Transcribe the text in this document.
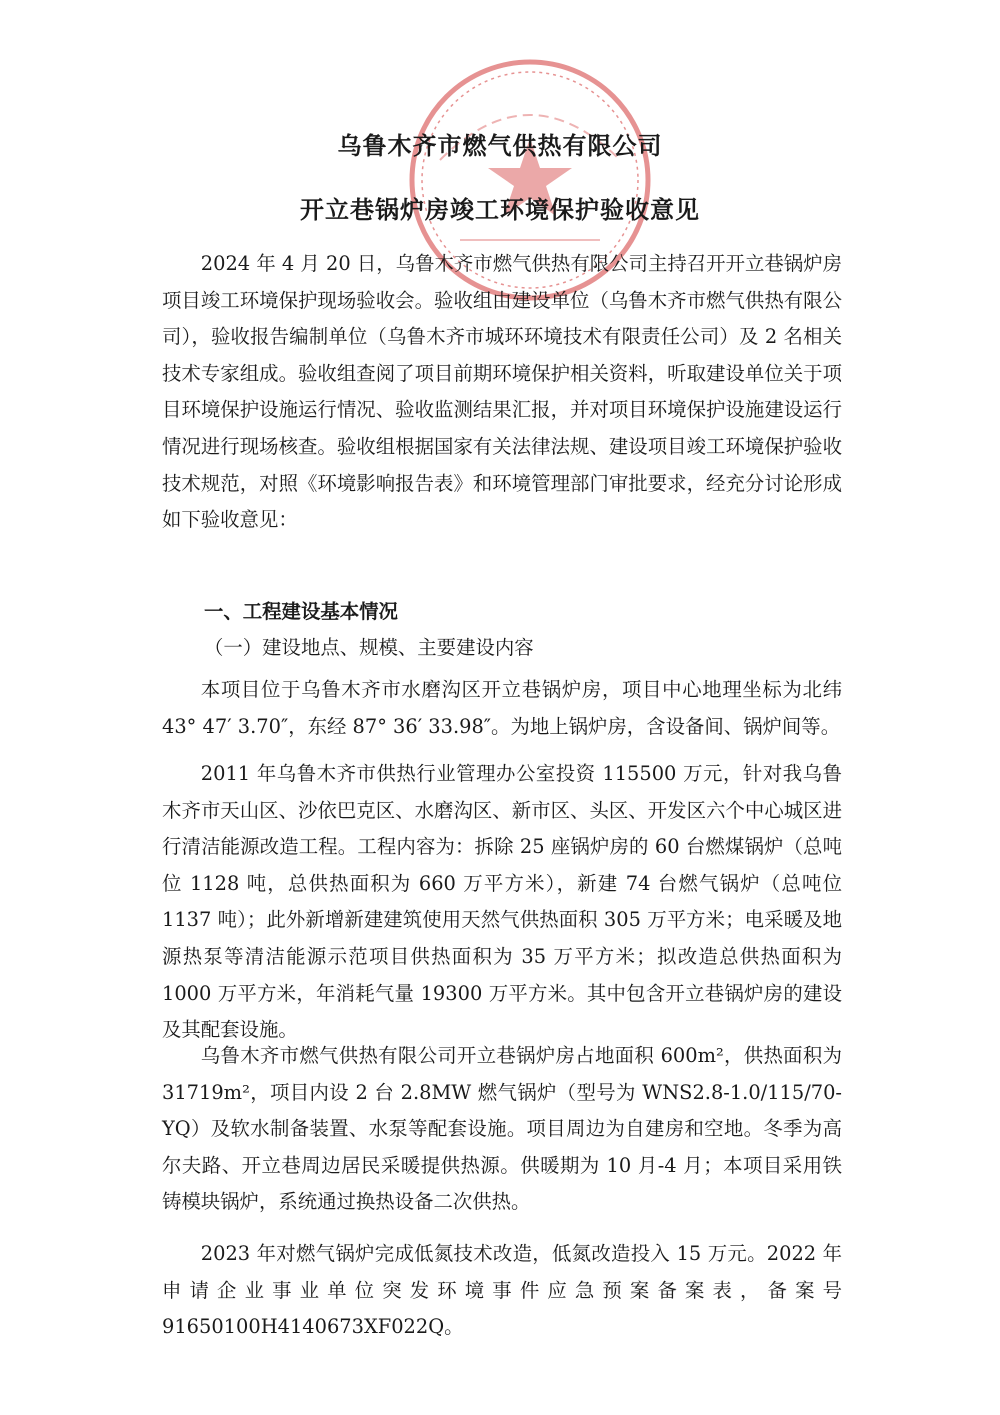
乌鲁木齐市燃气供热有限公司
开立巷锅炉房竣工环境保护验收意见

2024 年 4 月 20 日，乌鲁木齐市燃气供热有限公司主持召开开立巷锅炉房项目竣工环境保护现场验收会。验收组由建设单位（乌鲁木齐市燃气供热有限公司），验收报告编制单位（乌鲁木齐市城环环境技术有限责任公司）及 2 名相关技术专家组成。验收组查阅了项目前期环境保护相关资料，听取建设单位关于项目环境保护设施运行情况、验收监测结果汇报，并对项目环境保护设施建设运行情况进行现场核查。验收组根据国家有关法律法规、建设项目竣工环境保护验收技术规范，对照《环境影响报告表》和环境管理部门审批要求，经充分讨论形成如下验收意见：

一、工程建设基本情况
（一）建设地点、规模、主要建设内容

本项目位于乌鲁木齐市水磨沟区开立巷锅炉房，项目中心地理坐标为北纬 43° 47′ 3.70″，东经 87° 36′ 33.98″。为地上锅炉房，含设备间、锅炉间等。

2011 年乌鲁木齐市供热行业管理办公室投资 115500 万元，针对我乌鲁木齐市天山区、沙依巴克区、水磨沟区、新市区、头区、开发区六个中心城区进行清洁能源改造工程。工程内容为：拆除 25 座锅炉房的 60 台燃煤锅炉（总吨位 1128 吨，总供热面积为 660 万平方米），新建 74 台燃气锅炉（总吨位 1137 吨）；此外新增新建建筑使用天然气供热面积 305 万平方米；电采暖及地源热泵等清洁能源示范项目供热面积为 35 万平方米；拟改造总供热面积为 1000 万平方米，年消耗气量 19300 万平方米。其中包含开立巷锅炉房的建设及其配套设施。

乌鲁木齐市燃气供热有限公司开立巷锅炉房占地面积 600m²，供热面积为 31719m²，项目内设 2 台 2.8MW 燃气锅炉（型号为 WNS2.8-1.0/115/70-YQ）及软水制备装置、水泵等配套设施。项目周边为自建房和空地。冬季为高尔夫路、开立巷周边居民采暖提供热源。供暖期为 10 月-4 月；本项目采用铁铸模块锅炉，系统通过换热设备二次供热。

2023 年对燃气锅炉完成低氮技术改造，低氮改造投入 15 万元。2022 年申请企业事业单位突发环境事件应急预案备案表，备案号 91650100H4140673XF022Q。
